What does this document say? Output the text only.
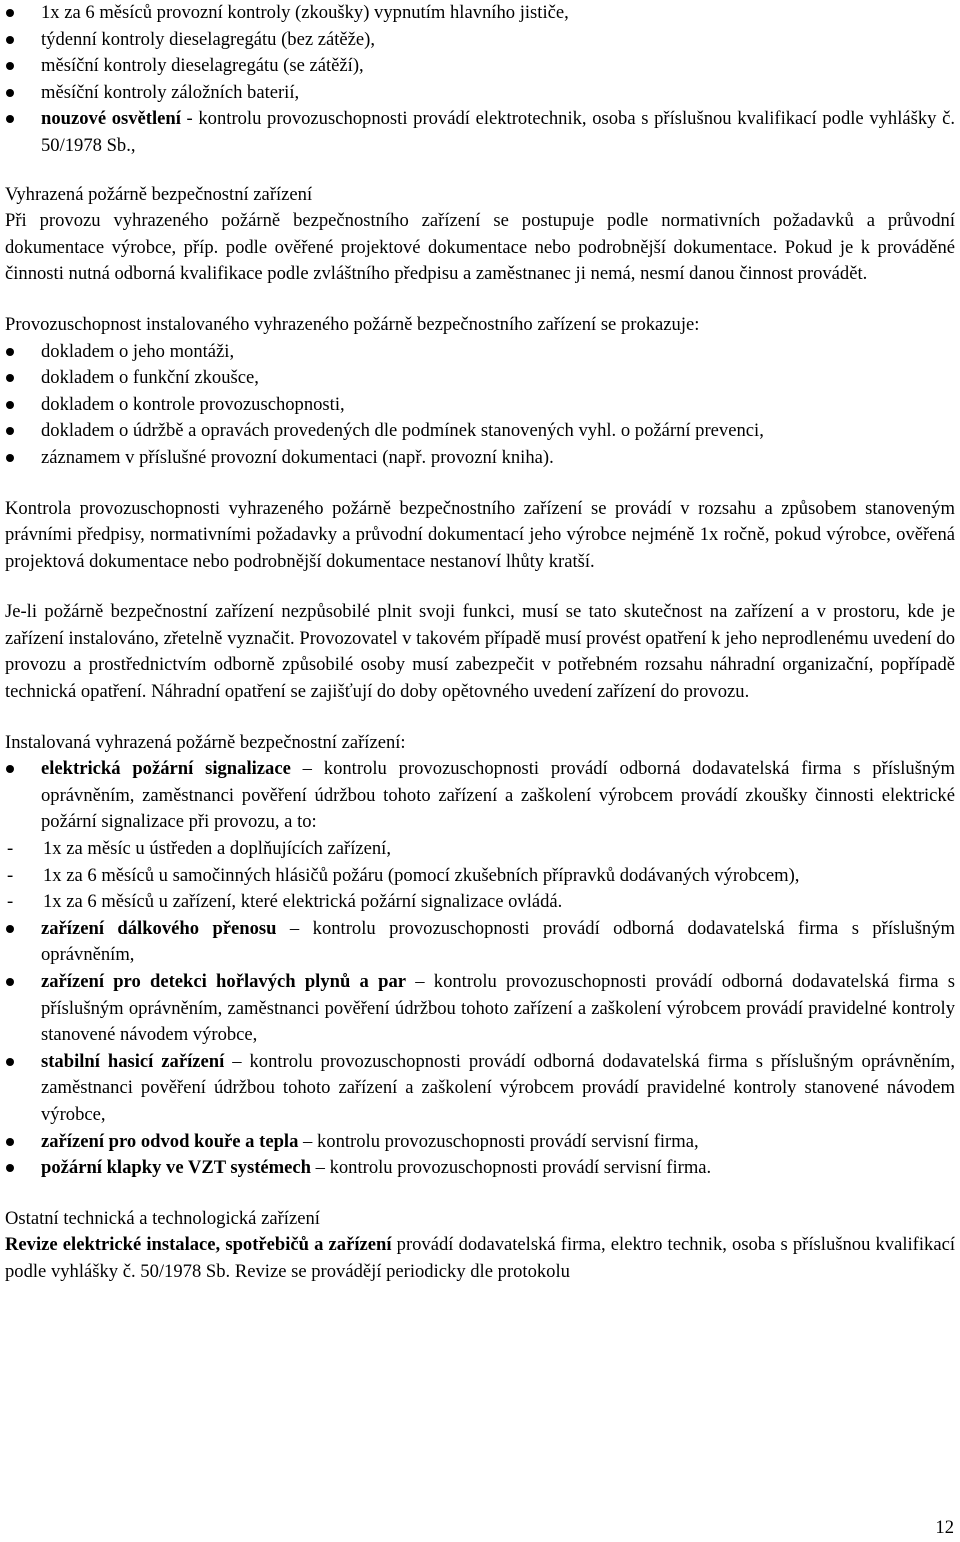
1x za 6 měsíců provozní kontroly (zkoušky) vypnutím hlavního jističe,
týdenní kontroly dieselagregátu (bez zátěže),
měsíční kontroly dieselagregátu (se zátěží),
měsíční kontroly záložních baterií,
nouzové osvětlení - kontrolu provozuschopnosti provádí elektrotechnik, osoba s příslušnou kvalifikací podle vyhlášky č. 50/1978 Sb.,

Vyhrazená požárně bezpečnostní zařízení

Při provozu vyhrazeného požárně bezpečnostního zařízení se postupuje podle normativních požadavků a průvodní dokumentace výrobce, příp. podle ověřené projektové dokumentace nebo podrobnější dokumentace. Pokud je k prováděné činnosti nutná odborná kvalifikace podle zvláštního předpisu a zaměstnanec ji nemá, nesmí danou činnost provádět.

Provozuschopnost instalovaného vyhrazeného požárně bezpečnostního zařízení se prokazuje:

dokladem o jeho montáži,
dokladem o funkční zkoušce,
dokladem o kontrole provozuschopnosti,
dokladem o údržbě a opravách provedených dle podmínek stanovených vyhl. o požární prevenci,
záznamem v příslušné provozní dokumentaci (např. provozní kniha).

Kontrola provozuschopnosti vyhrazeného požárně bezpečnostního zařízení se provádí v rozsahu a způsobem stanoveným právními předpisy, normativními požadavky a průvodní dokumentací jeho výrobce nejméně 1x ročně, pokud výrobce, ověřená projektová dokumentace nebo podrobnější dokumentace nestanoví lhůty kratší.

Je-li požárně bezpečnostní zařízení nezpůsobilé plnit svoji funkci, musí se tato skutečnost na zařízení a v prostoru, kde je zařízení instalováno, zřetelně vyznačit. Provozovatel v takovém případě musí provést opatření k jeho neprodlenému uvedení do provozu a prostřednictvím odborně způsobilé osoby musí zabezpečit v potřebném rozsahu náhradní organizační, popřípadě technická opatření. Náhradní opatření se zajišťují do doby opětovného uvedení zařízení do provozu.

Instalovaná vyhrazená požárně bezpečnostní zařízení:

elektrická požární signalizace – kontrolu provozuschopnosti provádí odborná dodavatelská firma s příslušným oprávněním, zaměstnanci pověření údržbou tohoto zařízení a zaškolení výrobcem provádí zkoušky činnosti elektrické požární signalizace při provozu, a to:
- 1x za měsíc u ústředen a doplňujících zařízení,
- 1x za 6 měsíců u samočinných hlásičů požáru (pomocí zkušebních přípravků dodávaných výrobcem),
- 1x za 6 měsíců u zařízení, které elektrická požární signalizace ovládá.
zařízení dálkového přenosu – kontrolu provozuschopnosti provádí odborná dodavatelská firma s příslušným oprávněním,
zařízení pro detekci hořlavých plynů a par – kontrolu provozuschopnosti provádí odborná dodavatelská firma s příslušným oprávněním, zaměstnanci pověření údržbou tohoto zařízení a zaškolení výrobcem provádí pravidelné kontroly stanovené návodem výrobce,
stabilní hasicí zařízení – kontrolu provozuschopnosti provádí odborná dodavatelská firma s příslušným oprávněním, zaměstnanci pověření údržbou tohoto zařízení a zaškolení výrobcem provádí pravidelné kontroly stanovené návodem výrobce,
zařízení pro odvod kouře a tepla – kontrolu provozuschopnosti provádí servisní firma,
požární klapky ve VZT systémech – kontrolu provozuschopnosti provádí servisní firma.

Ostatní technická a technologická zařízení

Revize elektrické instalace, spotřebičů a zařízení provádí dodavatelská firma, elektro technik, osoba s příslušnou kvalifikací podle vyhlášky č. 50/1978 Sb. Revize se provádějí periodicky dle protokolu

12
